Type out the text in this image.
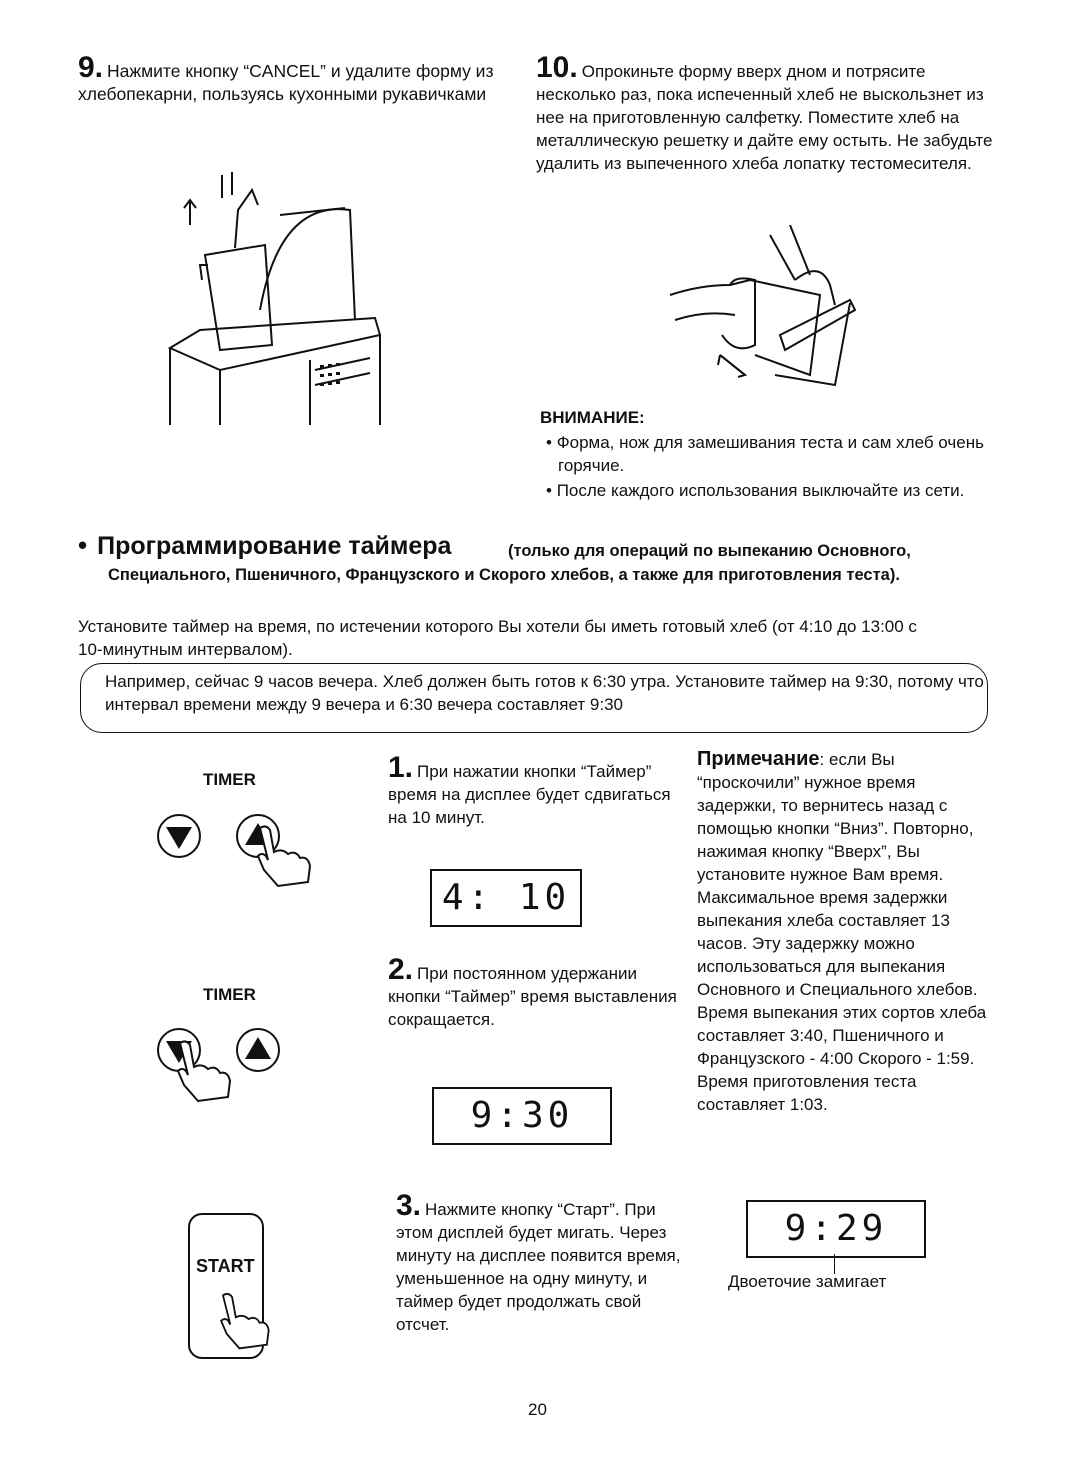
9. Нажмите кнопку “CANCEL” и удалите форму из хлебопекарни, пользуясь кухонными рукавичками

10. Опрокиньте форму вверх дном и потрясите несколько раз, пока испеченный хлеб не выскользнет из нее на приготовленную салфетку. Поместите хлеб на металлическую решетку и дайте ему остыть. Не забудьте удалить из выпеченного хлеба лопатку тестомесителя.

ВНИМАНИЕ:
• Форма, нож для замешивания теста и сам хлеб очень горячие.
• После каждого использования выключайте из сети.
• Программирование таймера	(только для операций по выпеканию Основного, Специального, Пшеничного, Французского и Скорого хлебов, а также для приготовления теста).

Установите таймер на время, по истечении которого Вы хотели бы иметь готовый хлеб (от 4:10 до 13:00 с 10-минутным интервалом).

Например, сейчас 9 часов вечера. Хлеб должен быть готов к 6:30 утра. Установите таймер на 9:30, потому что интервал времени между 9 вечера и 6:30 вечера составляет 9:30

TIMER	1. При нажатии кнопки “Таймер” время на дисплее будет сдвигаться на 10 минут.

4: 10
TIMER

2. При постоянном удержании кнопки “Таймер” время выставления сокращается.

9:30
START

3. Нажмите кнопку “Старт”. При этом дисплей будет мигать. Через минуту на дисплее появится время, уменьшенное на одну минуту, и таймер будет продолжать свой отсчет.

Примечание: если Вы “проскочили” нужное время задержки, то вернитесь назад с помощью кнопки “Вниз”. Повторно, нажимая кнопку “Вверх”, Вы установите нужное Вам время. Максимальное время задержки выпекания хлеба составляет 13 часов. Эту задержку можно использоваться для выпекания Основного и Специального хлебов. Время выпекания этих сортов хлеба составляет 3:40, Пшеничного и Французского - 4:00 Скорого - 1:59. Время приготовления теста составляет 1:03.

9:29
Двоеточие замигает
20
